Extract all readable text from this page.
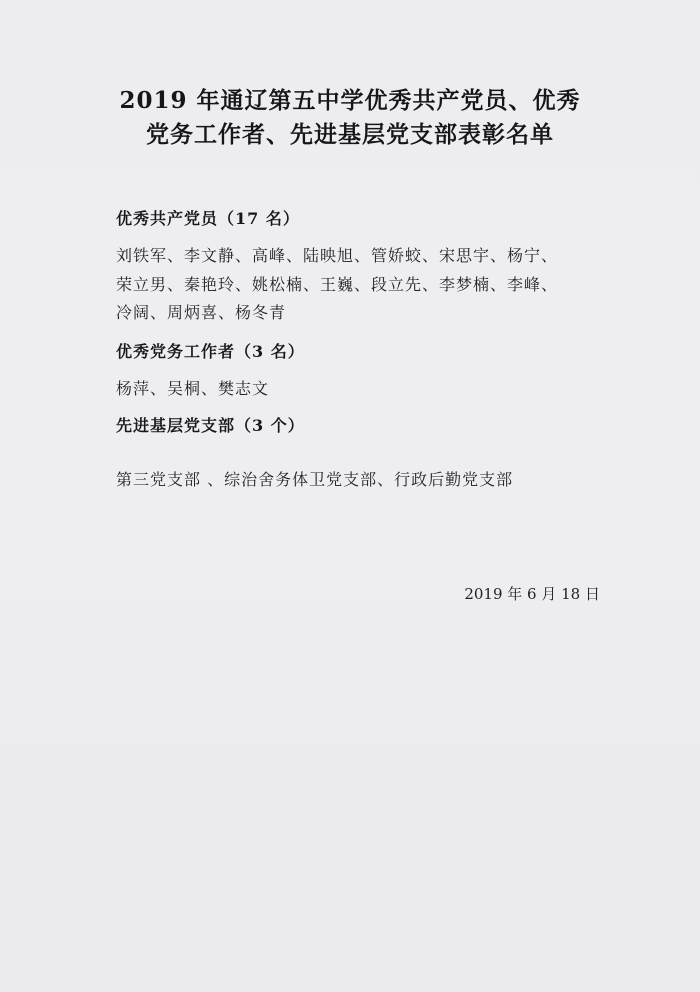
2019 年通辽第五中学优秀共产党员、优秀
党务工作者、先进基层党支部表彰名单
优秀共产党员（17 名）
刘铁军、李文静、高峰、陆映旭、管娇蛟、宋思宇、杨宁、
荣立男、秦艳玲、姚松楠、王巍、段立先、李梦楠、李峰、
冷阔、周炳喜、杨冬青
优秀党务工作者（3 名）
杨萍、吴桐、樊志文
先进基层党支部（3 个）
第三党支部 、综治舍务体卫党支部、行政后勤党支部
2019 年 6 月 18 日
